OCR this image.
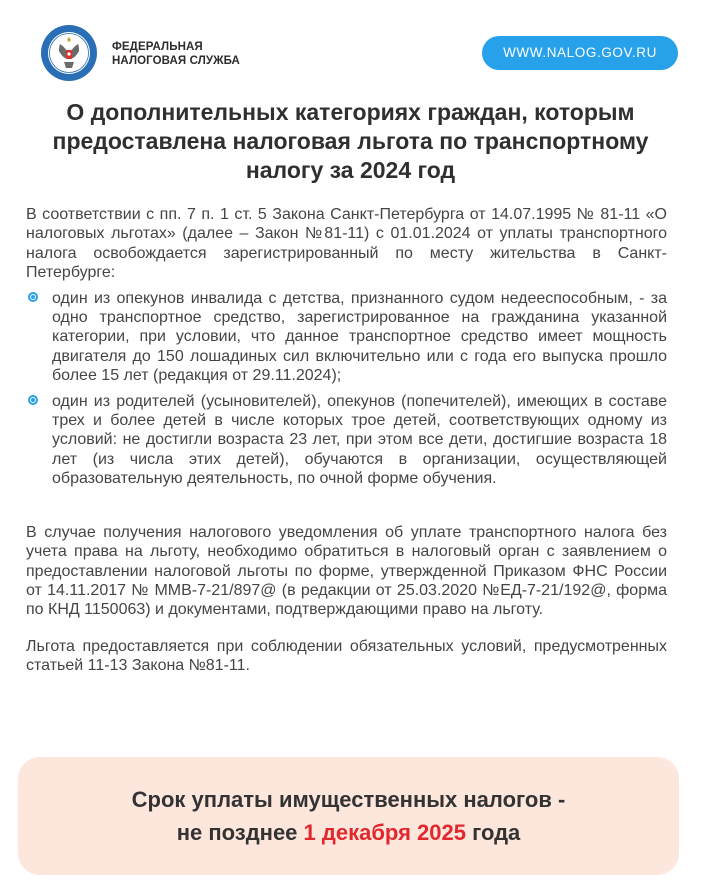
ФЕДЕРАЛЬНАЯ
НАЛОГОВАЯ СЛУЖБА
WWW.NALOG.GOV.RU
О дополнительных категориях граждан, которым
предоставлена налоговая льгота по транспортному
налогу за 2024 год

В соответствии с пп. 7 п. 1 ст. 5 Закона Санкт-Петербурга от 14.07.1995 № 81-11 «О налоговых льготах» (далее – Закон №81-11) с 01.01.2024 от уплаты транспортного налога освобождается зарегистрированный по месту жительства в Санкт-Петербурге:

один из опекунов инвалида с детства, признанного судом недееспособным, - за одно транспортное средство, зарегистрированное на гражданина указанной категории, при условии, что данное транспортное средство имеет мощность двигателя до 150 лошадиных сил включительно или с года его выпуска прошло более 15 лет (редакция от 29.11.2024);
один из родителей (усыновителей), опекунов (попечителей), имеющих в составе трех и более детей в числе которых трое детей, соответствующих одному из условий: не достигли возраста 23 лет, при этом все дети, достигшие возраста 18 лет (из числа этих детей), обучаются в организации, осуществляющей образовательную деятельность, по очной форме обучения.

В случае получения налогового уведомления об уплате транспортного налога без учета права на льготу, необходимо обратиться в налоговый орган с заявлением о предоставлении налоговой льготы по форме, утвержденной Приказом ФНС России от 14.11.2017 № ММВ-7-21/897@ (в редакции от 25.03.2020 №ЕД-7-21/192@, форма по КНД 1150063) и документами, подтверждающими право на льготу.

Льгота предоставляется при соблюдении обязательных условий, предусмотренных статьей 11-13 Закона №81-11.

Срок уплаты имущественных налогов -
не позднее 1 декабря 2025 года
